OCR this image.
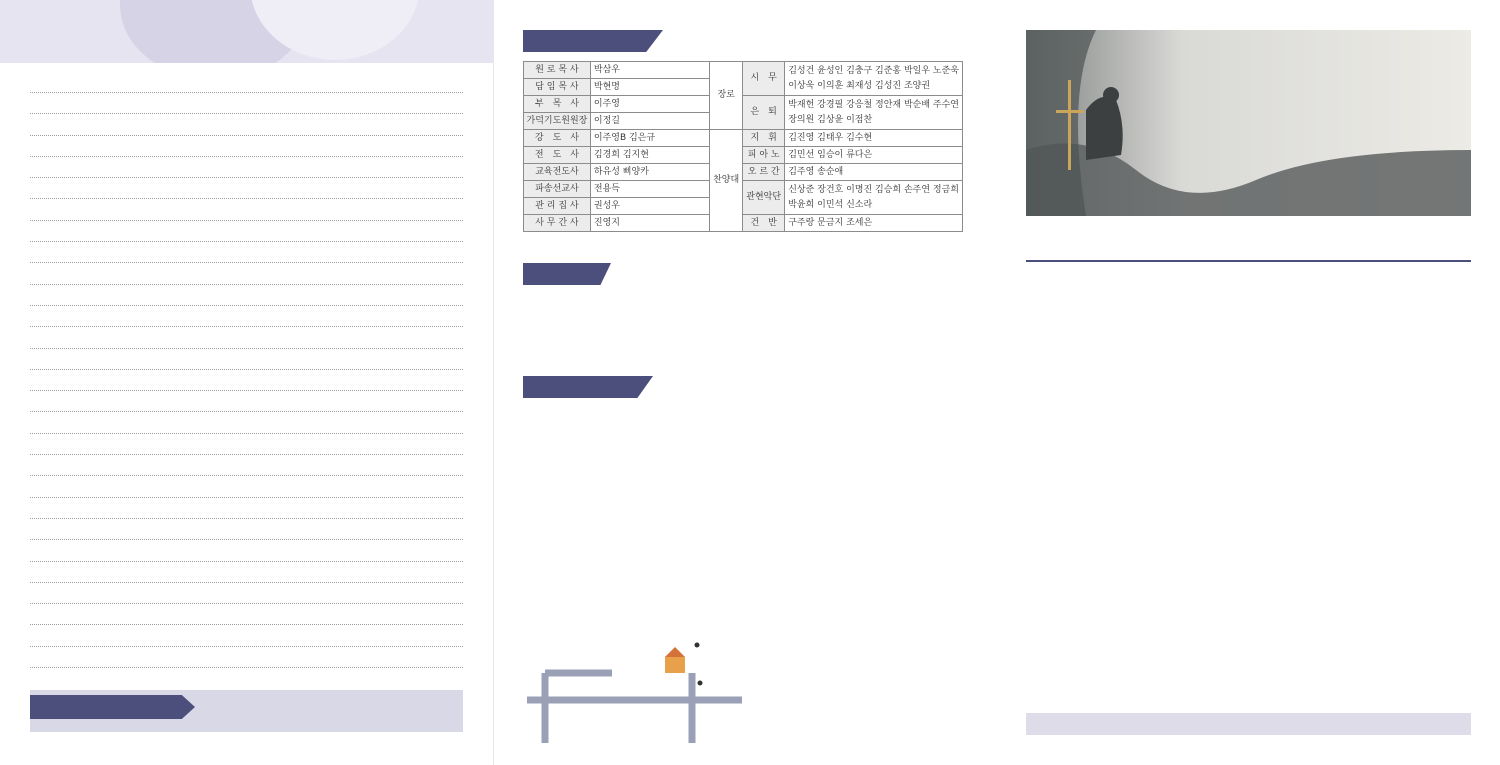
원 로 목 사	박삼우	장로	시　무	김성건 윤성인 김충구 김준홍 박일우 노준욱
이상욱 이의훈 최재성 김성진 조양권

담 임 목 사	박현명			
부　목　사	이주영		은　퇴	박재헌 강경필 강응철 정안재 박순배 주수연
장의원 김상윤 이점찬

가덕기도원원장	이정길			
강　도　사	이주영B 김은규	찬양대	지　휘	김진영 김태우 김수현

전　도　사	김경희 김지현		피 아 노	김민선 임승이 류다은

교육전도사	하유성 삐양카		오 르 간	김주영 송순애

파송선교사	전용득		관현악단	신상준 장건호 이명진 김승희 손주연 정금희
박윤희 이민석 신소라

관 리 집 사	권성우			
사 무 간 사	진영지		건　반	구주랑 문금지 조세은
